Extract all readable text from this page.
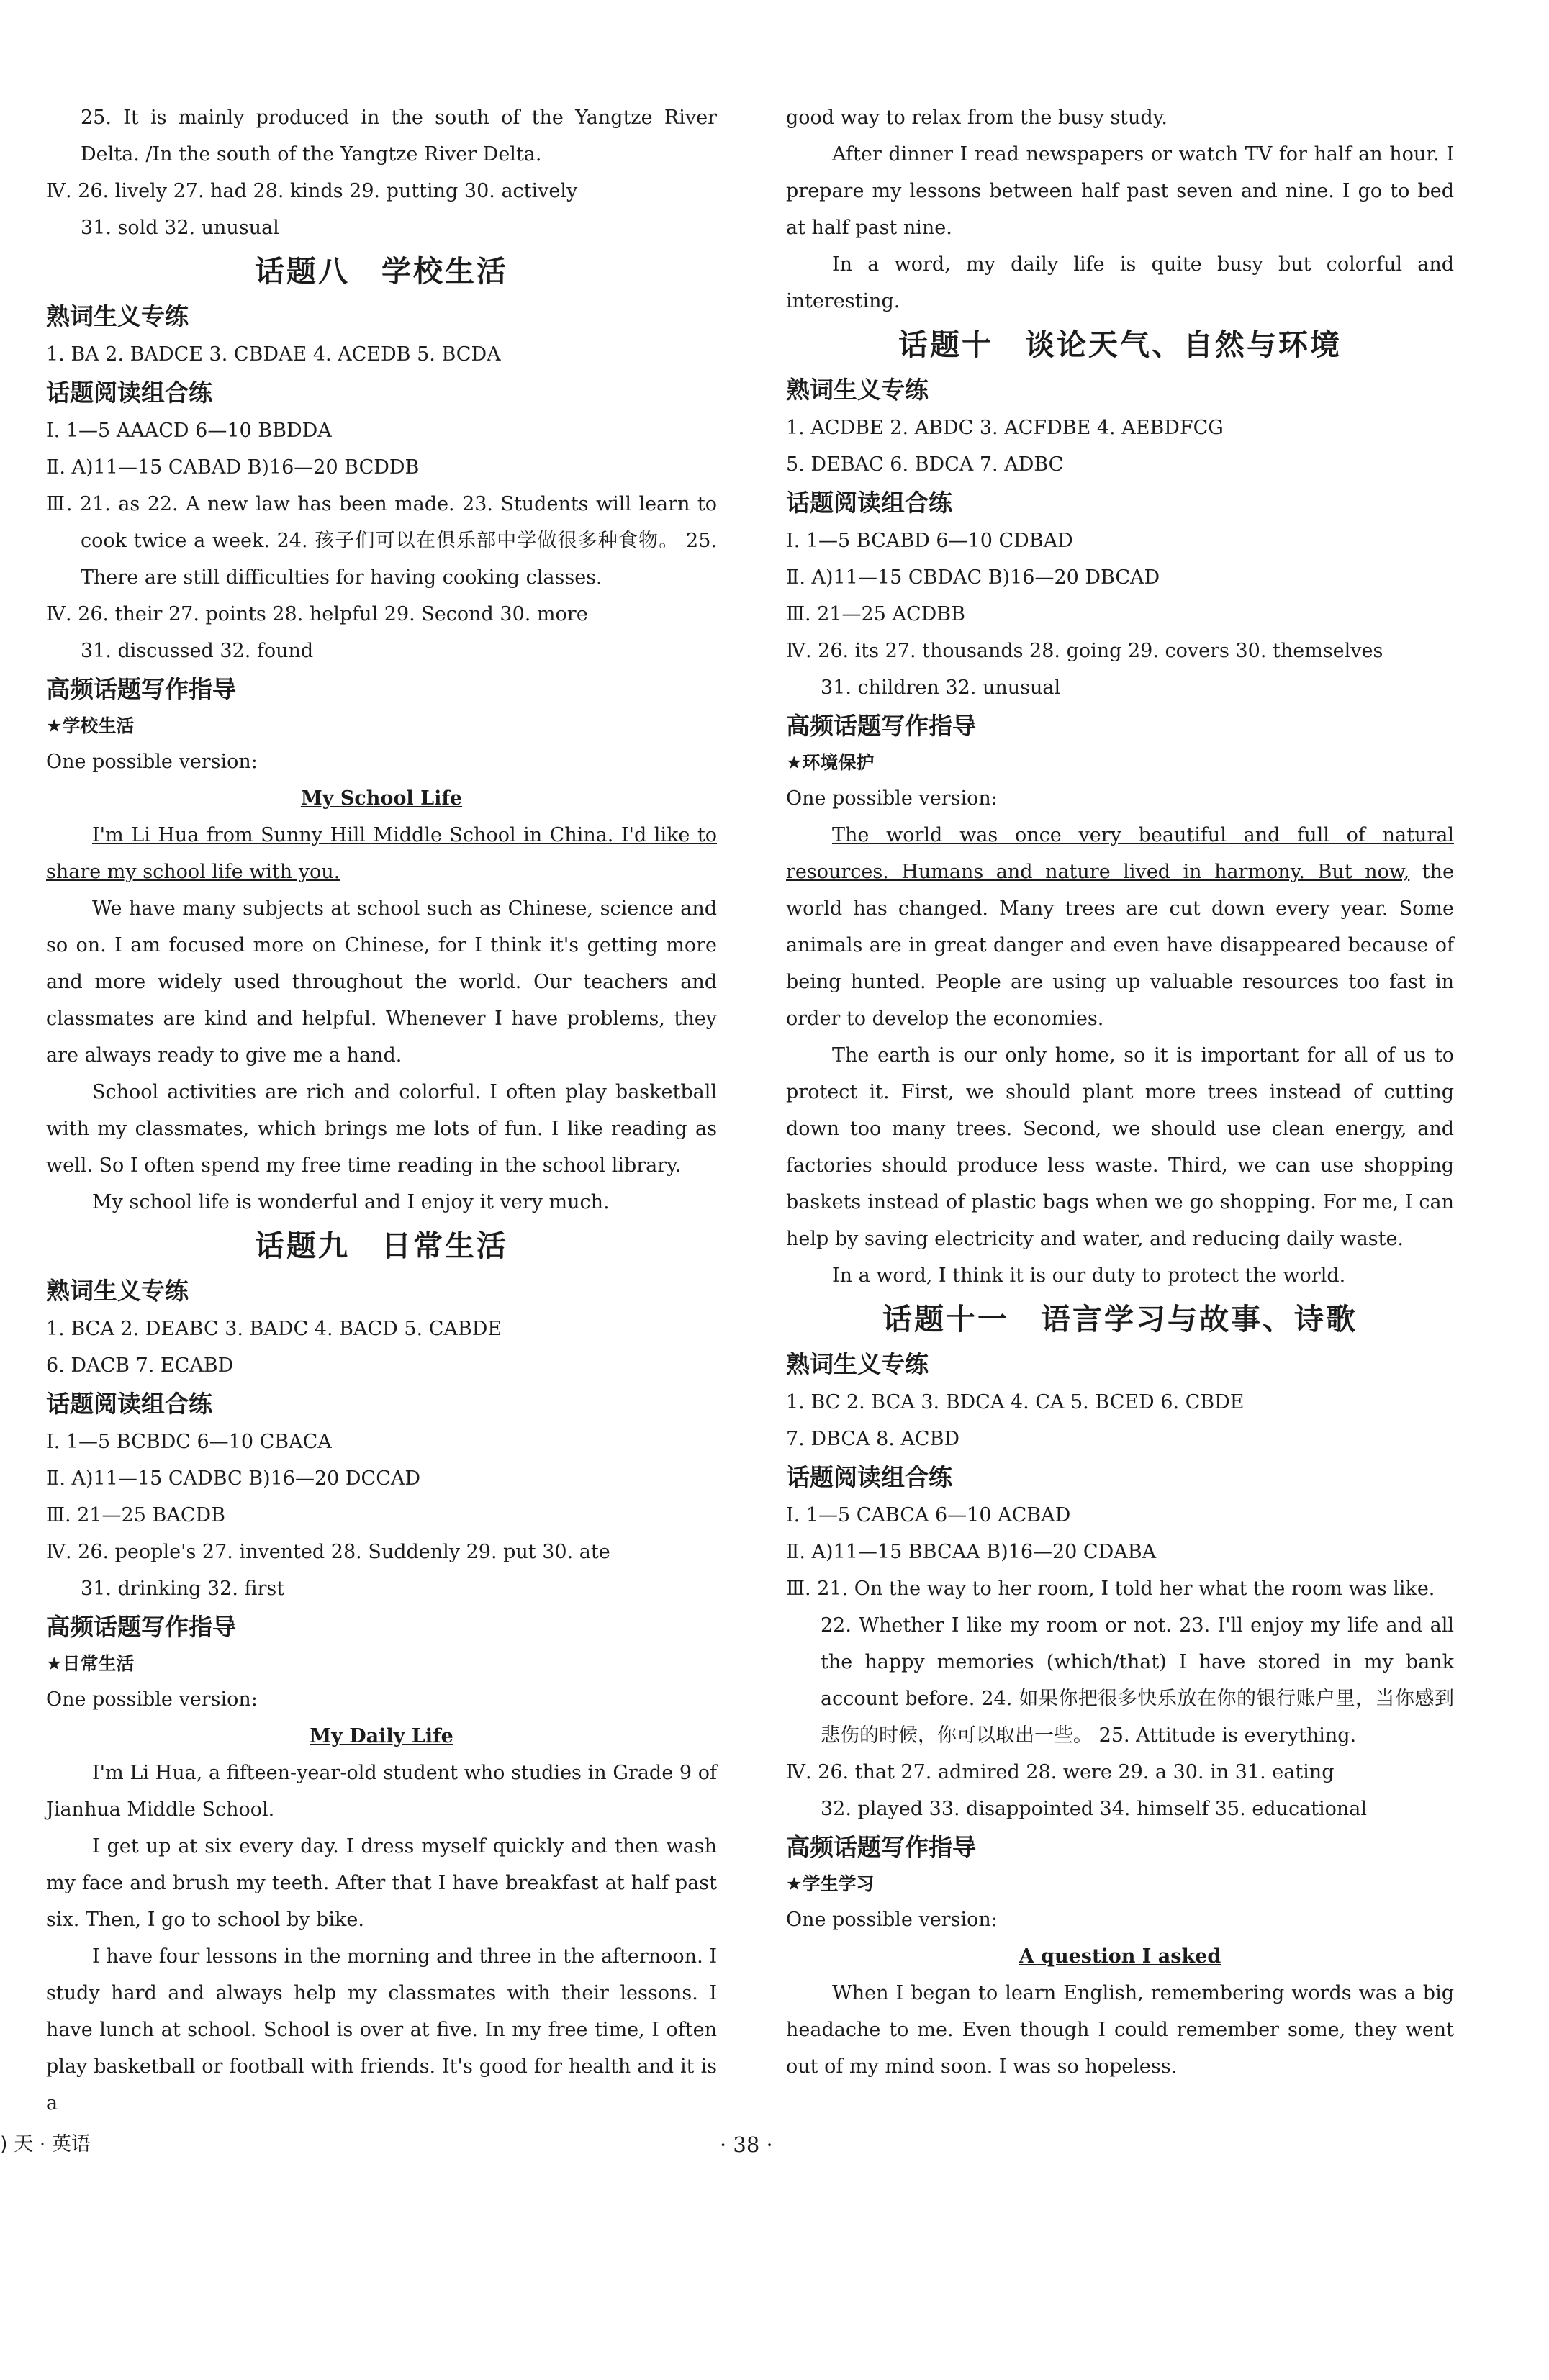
25. It is mainly produced in the south of the Yangtze River Delta. /In the south of the Yangtze River Delta.

Ⅳ. 26. lively 27. had 28. kinds 29. putting 30. actively

31. sold 32. unusual

话题八　学校生活

熟词生义专练

1. BA 2. BADCE 3. CBDAE 4. ACEDB 5. BCDA

话题阅读组合练

Ⅰ. 1—5 AAACD 6—10 BBDDA

Ⅱ. A)11—15 CABAD B)16—20 BCDDB

Ⅲ. 21. as 22. A new law has been made. 23. Students will learn to cook twice a week. 24. 孩子们可以在俱乐部中学做很多种食物。 25. There are still difficulties for having cooking classes.

Ⅳ. 26. their 27. points 28. helpful 29. Second 30. more

31. discussed 32. found

高频话题写作指导

★学校生活

One possible version:

My School Life

I'm Li Hua from Sunny Hill Middle School in China. I'd like to share my school life with you.

We have many subjects at school such as Chinese, science and so on. I am focused more on Chinese, for I think it's getting more and more widely used throughout the world. Our teachers and classmates are kind and helpful. Whenever I have problems, they are always ready to give me a hand.

School activities are rich and colorful. I often play basketball with my classmates, which brings me lots of fun. I like reading as well. So I often spend my free time reading in the school library.

My school life is wonderful and I enjoy it very much.

话题九　日常生活

熟词生义专练

1. BCA 2. DEABC 3. BADC 4. BACD 5. CABDE

6. DACB 7. ECABD

话题阅读组合练

Ⅰ. 1—5 BCBDC 6—10 CBACA

Ⅱ. A)11—15 CADBC B)16—20 DCCAD

Ⅲ. 21—25 BACDB

Ⅳ. 26. people's 27. invented 28. Suddenly 29. put 30. ate

31. drinking 32. first

高频话题写作指导

★日常生活

One possible version:

My Daily Life

I'm Li Hua, a fifteen-year-old student who studies in Grade 9 of Jianhua Middle School.

I get up at six every day. I dress myself quickly and then wash my face and brush my teeth. After that I have breakfast at half past six. Then, I go to school by bike.

I have four lessons in the morning and three in the afternoon. I study hard and always help my classmates with their lessons. I have lunch at school. School is over at five. In my free time, I often play basketball or football with friends. It's good for health and it is a

good way to relax from the busy study.

After dinner I read newspapers or watch TV for half an hour. I prepare my lessons between half past seven and nine. I go to bed at half past nine.

In a word, my daily life is quite busy but colorful and interesting.

话题十　谈论天气、自然与环境

熟词生义专练

1. ACDBE 2. ABDC 3. ACFDBE 4. AEBDFCG

5. DEBAC 6. BDCA 7. ADBC

话题阅读组合练

Ⅰ. 1—5 BCABD 6—10 CDBAD

Ⅱ. A)11—15 CBDAC B)16—20 DBCAD

Ⅲ. 21—25 ACDBB

Ⅳ. 26. its 27. thousands 28. going 29. covers 30. themselves

31. children 32. unusual

高频话题写作指导

★环境保护

One possible version:

The world was once very beautiful and full of natural resources. Humans and nature lived in harmony. But now, the world has changed. Many trees are cut down every year. Some animals are in great danger and even have disappeared because of being hunted. People are using up valuable resources too fast in order to develop the economies.

The earth is our only home, so it is important for all of us to protect it. First, we should plant more trees instead of cutting down too many trees. Second, we should use clean energy, and factories should produce less waste. Third, we can use shopping baskets instead of plastic bags when we go shopping. For me, I can help by saving electricity and water, and reducing daily waste.

In a word, I think it is our duty to protect the world.

话题十一　语言学习与故事、诗歌

熟词生义专练

1. BC 2. BCA 3. BDCA 4. CA 5. BCED 6. CBDE

7. DBCA 8. ACBD

话题阅读组合练

Ⅰ. 1—5 CABCA 6—10 ACBAD

Ⅱ. A)11—15 BBCAA B)16—20 CDABA

Ⅲ. 21. On the way to her room, I told her what the room was like.

22. Whether I like my room or not. 23. I'll enjoy my life and all the happy memories (which/that) I have stored in my bank account before. 24. 如果你把很多快乐放在你的银行账户里，当你感到悲伤的时候，你可以取出一些。 25. Attitude is everything.

Ⅳ. 26. that 27. admired 28. were 29. a 30. in 31. eating

32. played 33. disappointed 34. himself 35. educational

高频话题写作指导

★学生学习

One possible version:

A question I asked

When I began to learn English, remembering words was a big headache to me. Even though I could remember some, they went out of my mind soon. I was so hopeless.

) 天 · 英语	· 38 ·
